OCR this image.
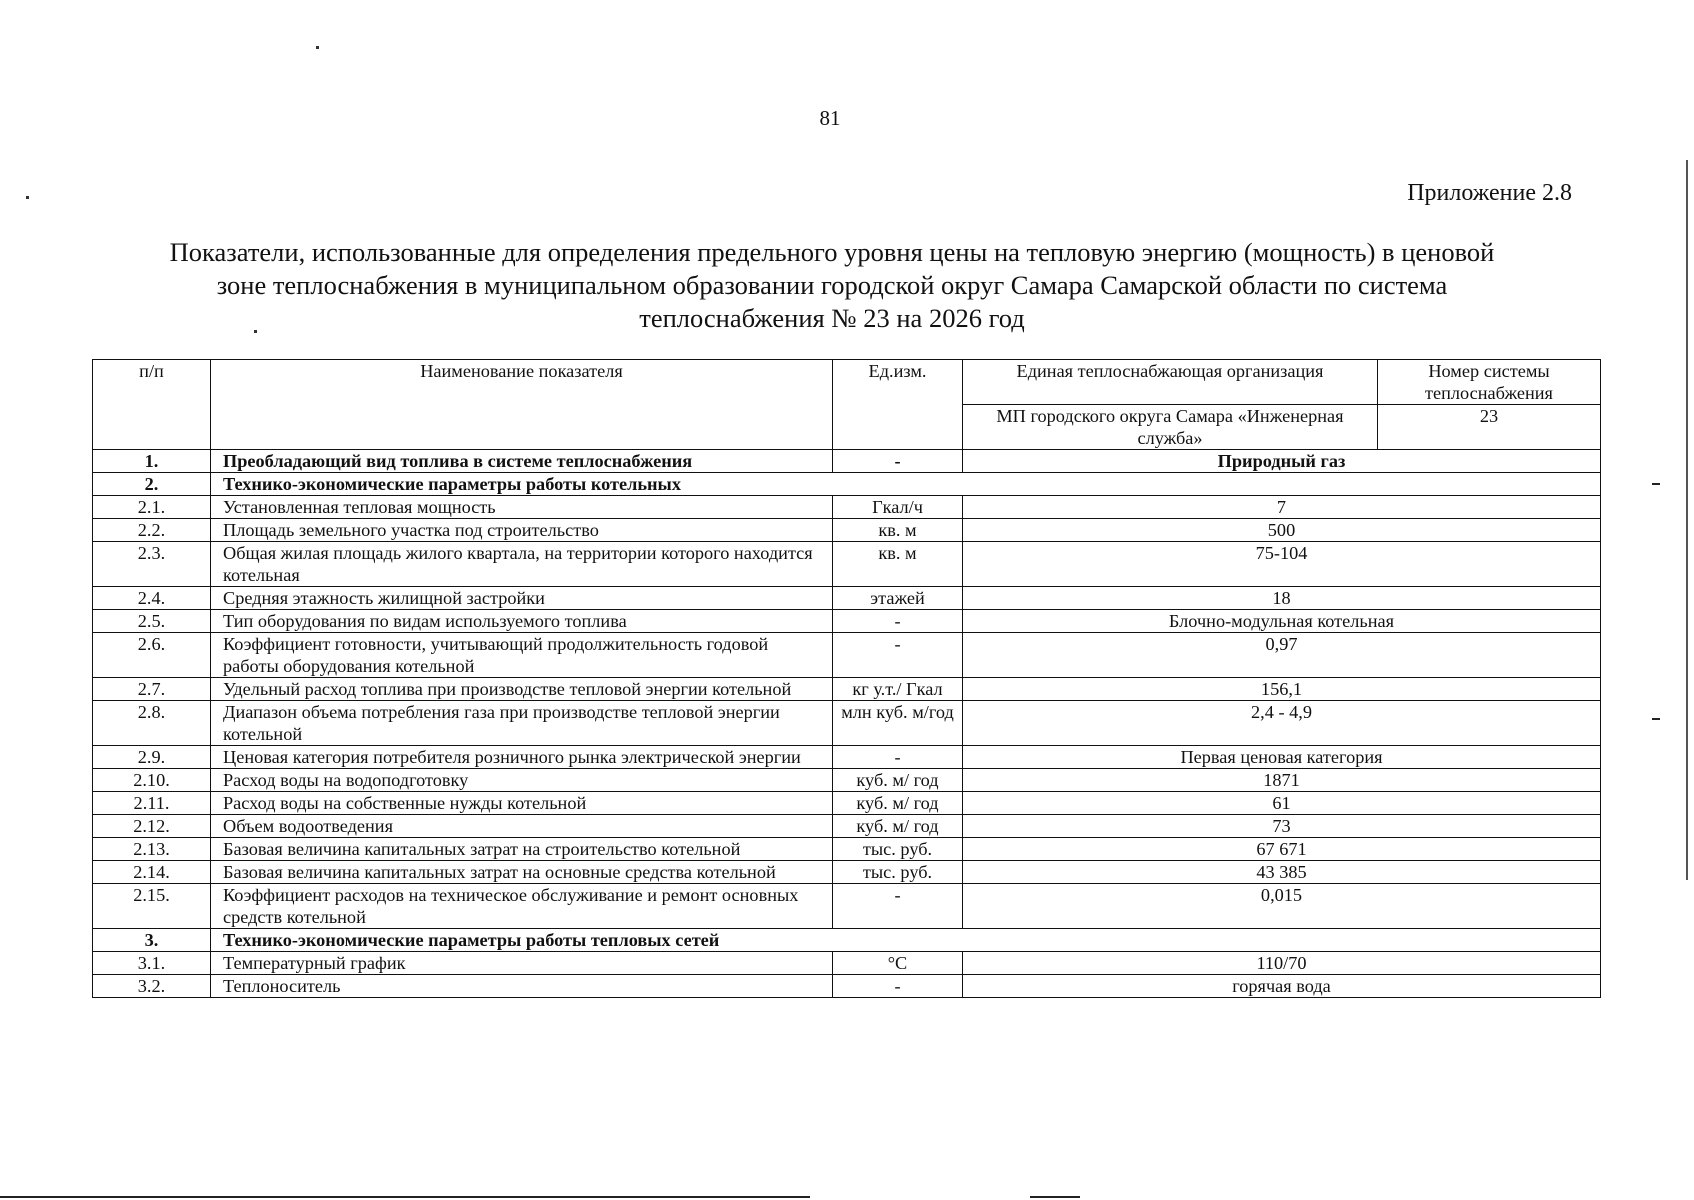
81
Приложение 2.8
Показатели, использованные для определения предельного уровня цены на тепловую энергию (мощность) в ценовой
зоне теплоснабжения в муниципальном образовании городской округ Самара Самарской области по система
теплоснабжения № 23 на 2026 год
п/п	Наименование показателя	Ед.изм.	Единая теплоснабжающая организация	Номер системы теплоснабжения
			МП городского округа Самара «Инженерная служба»	23
1.	Преобладающий вид топлива в системе теплоснабжения	-	Природный газ	
2.	Технико-экономические параметры работы котельных			
2.1.	Установленная тепловая мощность	Гкал/ч	7	
2.2.	Площадь земельного участка под строительство	кв. м	500	
2.3.	Общая жилая площадь жилого квартала, на территории которого находится котельная	кв. м	75-104	
2.4.	Средняя этажность жилищной застройки	этажей	18	
2.5.	Тип оборудования по видам используемого топлива	-	Блочно-модульная котельная	
2.6.	Коэффициент готовности, учитывающий продолжительность годовой работы оборудования котельной	-	0,97	
2.7.	Удельный расход топлива при производстве тепловой энергии котельной	кг у.т./ Гкал	156,1	
2.8.	Диапазон объема потребления газа при производстве тепловой энергии котельной	млн куб. м/год	2,4 - 4,9	
2.9.	Ценовая категория потребителя розничного рынка электрической энергии	-	Первая ценовая категория	
2.10.	Расход воды на водоподготовку	куб. м/ год	1871	
2.11.	Расход воды на собственные нужды котельной	куб. м/ год	61	
2.12.	Объем водоотведения	куб. м/ год	73	
2.13.	Базовая величина капитальных затрат на строительство котельной	тыс. руб.	67 671	
2.14.	Базовая величина капитальных затрат на основные средства котельной	тыс. руб.	43 385	
2.15.	Коэффициент расходов на техническое обслуживание и ремонт основных средств котельной	-	0,015	
3.	Технико-экономические параметры работы тепловых сетей			
3.1.	Температурный график	°С	110/70	
3.2.	Теплоноситель	-	горячая вода	
